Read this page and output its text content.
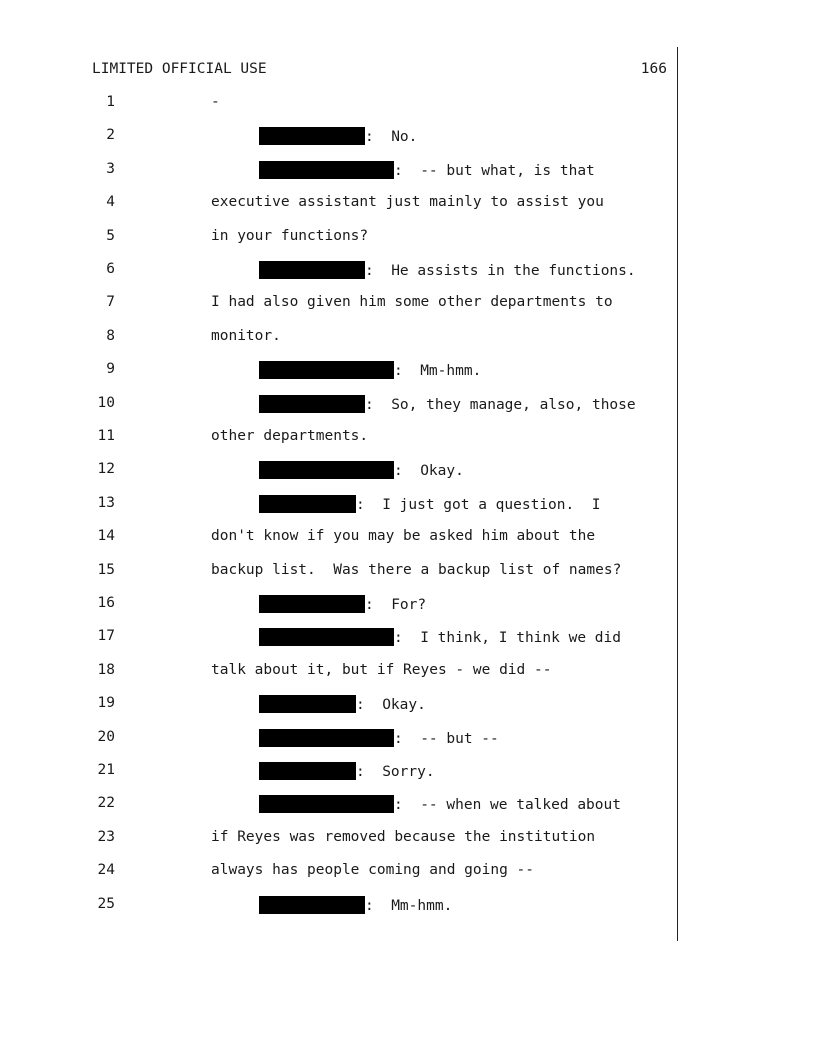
LIMITED OFFICIAL USE	166
1	-
2	:  No.
3	:  -- but what, is that
4	executive assistant just mainly to assist you
5	in your functions?
6	:  He assists in the functions.
7	I had also given him some other departments to
8	monitor.
9	:  Mm-hmm.
10	:  So, they manage, also, those
11	other departments.
12	:  Okay.
13	:  I just got a question.  I
14	don't know if you may be asked him about the
15	backup list.  Was there a backup list of names?
16	:  For?
17	:  I think, I think we did
18	talk about it, but if Reyes - we did --
19	:  Okay.
20	:  -- but --
21	:  Sorry.
22	:  -- when we talked about
23	if Reyes was removed because the institution
24	always has people coming and going --
25	:  Mm-hmm.
